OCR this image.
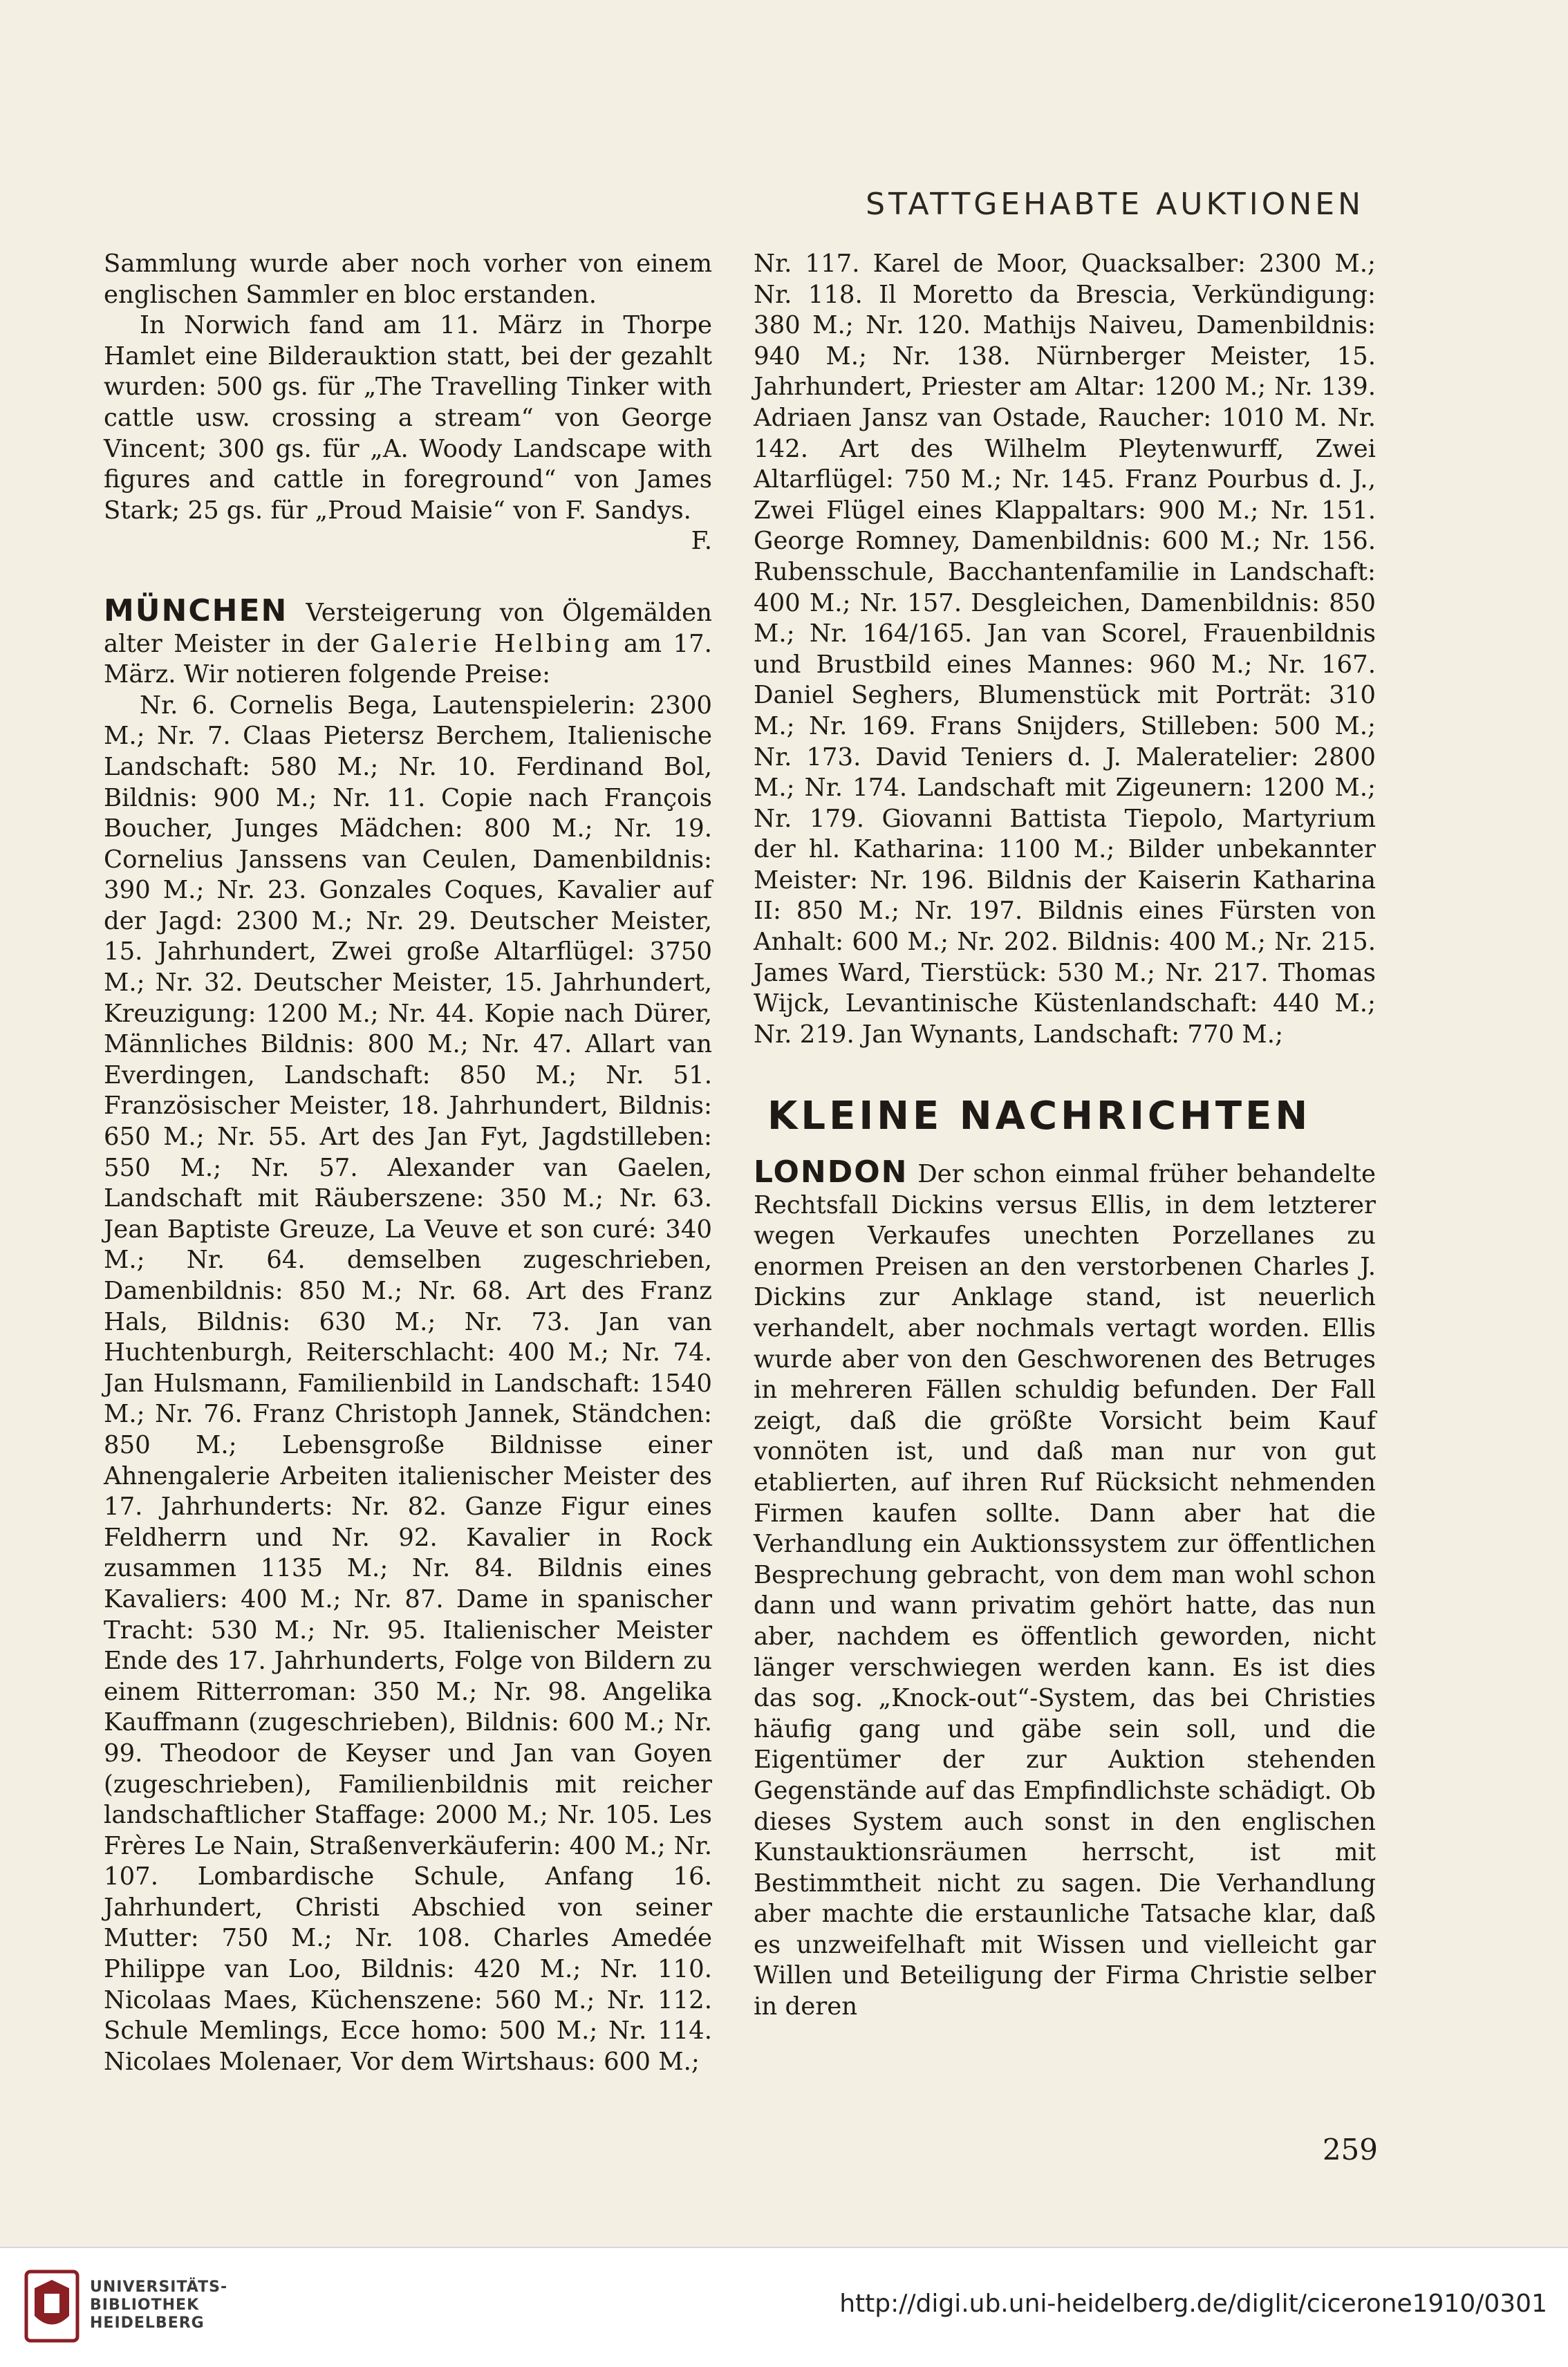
STATTGEHABTE AUKTIONEN

Sammlung wurde aber noch vorher von einem englischen Sammler en bloc erstanden.

In Norwich fand am 11. März in Thorpe Hamlet eine Bilderauktion statt, bei der gezahlt wurden: 500 gs. für „The Travelling Tinker with cattle usw. crossing a stream“ von George Vincent; 300 gs. für „A. Woody Landscape with figures and cattle in foreground“ von James Stark; 25 gs. für „Proud Maisie“ von F. Sandys.

F.

MÜNCHEN Versteigerung von Ölgemälden alter Meister in der Galerie Helbing am 17. März. Wir notieren folgende Preise:

Nr. 6. Cornelis Bega, Lautenspielerin: 2300 M.; Nr. 7. Claas Pietersz Berchem, Italienische Landschaft: 580 M.; Nr. 10. Ferdinand Bol, Bildnis: 900 M.; Nr. 11. Copie nach François Boucher, Junges Mädchen: 800 M.; Nr. 19. Cornelius Janssens van Ceulen, Damenbildnis: 390 M.; Nr. 23. Gonzales Coques, Kavalier auf der Jagd: 2300 M.; Nr. 29. Deutscher Meister, 15. Jahrhundert, Zwei große Altarflügel: 3750 M.; Nr. 32. Deutscher Meister, 15. Jahrhundert, Kreuzigung: 1200 M.; Nr. 44. Kopie nach Dürer, Männliches Bildnis: 800 M.; Nr. 47. Allart van Everdingen, Landschaft: 850 M.; Nr. 51. Französischer Meister, 18. Jahrhundert, Bildnis: 650 M.; Nr. 55. Art des Jan Fyt, Jagdstilleben: 550 M.; Nr. 57. Alexander van Gaelen, Landschaft mit Räuberszene: 350 M.; Nr. 63. Jean Baptiste Greuze, La Veuve et son curé: 340 M.; Nr. 64. demselben zugeschrieben, Damenbildnis: 850 M.; Nr. 68. Art des Franz Hals, Bildnis: 630 M.; Nr. 73. Jan van Huchtenburgh, Reiterschlacht: 400 M.; Nr. 74. Jan Hulsmann, Familienbild in Landschaft: 1540 M.; Nr. 76. Franz Christoph Jannek, Ständchen: 850 M.; Lebensgroße Bildnisse einer Ahnengalerie Arbeiten italienischer Meister des 17. Jahrhunderts: Nr. 82. Ganze Figur eines Feldherrn und Nr. 92. Kavalier in Rock zusammen 1135 M.; Nr. 84. Bildnis eines Kavaliers: 400 M.; Nr. 87. Dame in spanischer Tracht: 530 M.; Nr. 95. Italienischer Meister Ende des 17. Jahrhunderts, Folge von Bildern zu einem Ritterroman: 350 M.; Nr. 98. Angelika Kauffmann (zugeschrieben), Bildnis: 600 M.; Nr. 99. Theodoor de Keyser und Jan van Goyen (zugeschrieben), Familienbildnis mit reicher landschaftlicher Staffage: 2000 M.; Nr. 105. Les Frères Le Nain, Straßenverkäuferin: 400 M.; Nr. 107. Lombardische Schule, Anfang 16. Jahrhundert, Christi Abschied von seiner Mutter: 750 M.; Nr. 108. Charles Amedée Philippe van Loo, Bildnis: 420 M.; Nr. 110. Nicolaas Maes, Küchenszene: 560 M.; Nr. 112. Schule Memlings, Ecce homo: 500 M.; Nr. 114. Nicolaes Molenaer, Vor dem Wirtshaus: 600 M.;

Nr. 117. Karel de Moor, Quacksalber: 2300 M.; Nr. 118. Il Moretto da Brescia, Verkündigung: 380 M.; Nr. 120. Mathijs Naiveu, Damenbildnis: 940 M.; Nr. 138. Nürnberger Meister, 15. Jahrhundert, Priester am Altar: 1200 M.; Nr. 139. Adriaen Jansz van Ostade, Raucher: 1010 M. Nr. 142. Art des Wilhelm Pleytenwurff, Zwei Altarflügel: 750 M.; Nr. 145. Franz Pourbus d. J., Zwei Flügel eines Klappaltars: 900 M.; Nr. 151. George Romney, Damenbildnis: 600 M.; Nr. 156. Rubensschule, Bacchantenfamilie in Landschaft: 400 M.; Nr. 157. Desgleichen, Damenbildnis: 850 M.; Nr. 164/165. Jan van Scorel, Frauenbildnis und Brustbild eines Mannes: 960 M.; Nr. 167. Daniel Seghers, Blumenstück mit Porträt: 310 M.; Nr. 169. Frans Snijders, Stilleben: 500 M.; Nr. 173. David Teniers d. J. Maleratelier: 2800 M.; Nr. 174. Landschaft mit Zigeunern: 1200 M.; Nr. 179. Giovanni Battista Tiepolo, Martyrium der hl. Katharina: 1100 M.; Bilder unbekannter Meister: Nr. 196. Bildnis der Kaiserin Katharina II: 850 M.; Nr. 197. Bildnis eines Fürsten von Anhalt: 600 M.; Nr. 202. Bildnis: 400 M.; Nr. 215. James Ward, Tierstück: 530 M.; Nr. 217. Thomas Wijck, Levantinische Küstenlandschaft: 440 M.; Nr. 219. Jan Wynants, Landschaft: 770 M.;

KLEINE NACHRICHTEN

LONDON Der schon einmal früher behandelte Rechtsfall Dickins versus Ellis, in dem letzterer wegen Verkaufes unechten Porzellanes zu enormen Preisen an den verstorbenen Charles J. Dickins zur Anklage stand, ist neuerlich verhandelt, aber nochmals vertagt worden. Ellis wurde aber von den Geschworenen des Betruges in mehreren Fällen schuldig befunden. Der Fall zeigt, daß die größte Vorsicht beim Kauf vonnöten ist, und daß man nur von gut etablierten, auf ihren Ruf Rücksicht nehmenden Firmen kaufen sollte. Dann aber hat die Verhandlung ein Auktionssystem zur öffentlichen Besprechung gebracht, von dem man wohl schon dann und wann privatim gehört hatte, das nun aber, nachdem es öffentlich geworden, nicht länger verschwiegen werden kann. Es ist dies das sog. „Knock-out“-System, das bei Christies häufig gang und gäbe sein soll, und die Eigentümer der zur Auktion stehenden Gegenstände auf das Empfindlichste schädigt. Ob dieses System auch sonst in den englischen Kunstauktionsräumen herrscht, ist mit Bestimmtheit nicht zu sagen. Die Verhandlung aber machte die erstaunliche Tatsache klar, daß es unzweifelhaft mit Wissen und vielleicht gar Willen und Beteiligung der Firma Christie selber in deren

259
UNIVERSITÄTS-
BIBLIOTHEK
HEIDELBERG
http://digi.ub.uni-heidelberg.de/diglit/cicerone1910/0301
